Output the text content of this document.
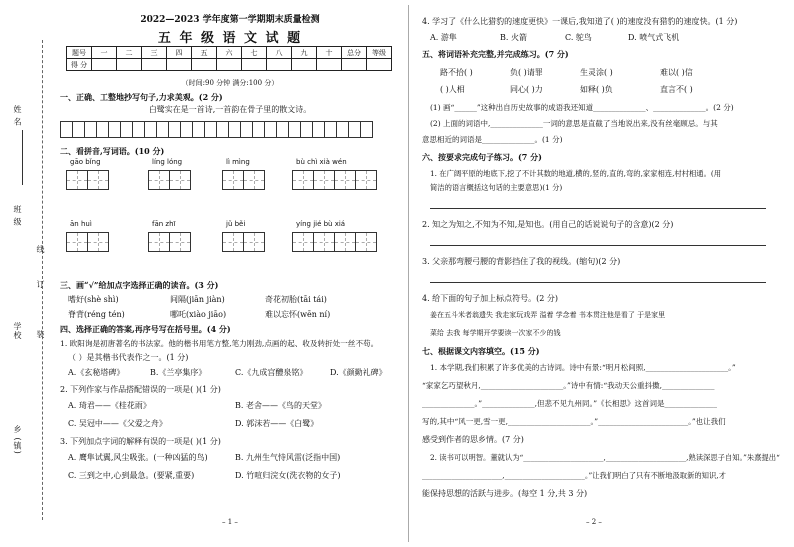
姓 名
班 级
学校
乡 (镇)
线
订
装
2022—2023 学年度第一学期期末质量检测
五 年 级 语 文 试 题
题号	一	二	三	四	五	六	七	八	九	十	总分	等级
得 分												
（时间:90 分钟 满分:100 分）
一、正确、工整地抄写句子,力求美观。(2 分)
白鹭实在是一首诗,一首韵在骨子里的散文诗。
二、看拼音,写词语。(10 分)
gāo bǐng	líng lóng	lì mìng	bù chì xià wén
ān huì	fān zhī	jǔ běi	yíng jié bù xiá
三、画“√”给加点字选择正确的读音。(3 分)
嗜好(shè shì)	间隔(jiān jiàn)	奇花初胎(tāi tái)
脊背(réng tén)	哪吒(xiào jiāo)	难以忘怀(wēn ní)
四、选择正确的答案,再序号写在括号里。(4 分)
1. 欧阳询是初唐著名的书法家。他的楷书用笔方整,笔力刚劲,点画的起、收及转折处一丝不苟。
（ ）是其楷书代表作之一。(1 分)
A.《玄秘塔碑》	B.《兰亭集序》	C.《九成宫醴泉铭》	D.《颜勤礼碑》
2. 下列作家与作品搭配错误的一项是( )(1 分)
A. 琦君——《桂花雨》	B. 老舍——《鸟的天堂》
C. 吴冠中——《父爱之舟》	D. 郭沫若——《白鹭》
3. 下列加点字词的解释有误的一项是( )(1 分)
A. 鹰隼试翼,风尘吸张。(一种凶猛的鸟)	B. 九州生气恃风雷(泛指中国)
C. 三到之中,心到最急。(要紧,重要)	D. 竹喧归浣女(洗衣物的女子)
– 1 –
4. 学习了《什么比猎豹的速度更快》一课后,我知道了( )的速度没有猎豹的速度快。(1 分)
A. 游隼	B. 火箭	C. 鸵鸟	D. 喷气式飞机
五、将词语补充完整,并完成练习。(7 分)
路不拾( )	负( )请罪	生灵涂( )	难以( )信
( )人相	同心( )力	如释( )负	直言不( )
(1) 画“______”这种出自历史故事的成语我还知道______________、______________。(2 分)
(2) 上面的词语中,______________一词的意思是直截了当地说出来,没有丝毫顾忌。与其
意思相近的词语是______________。(1 分)
六、按要求完成句子练习。(7 分)
1. 在广阔平原的地底下,挖了不计其数的地道,横的,竖的,直的,弯的,家家相连,村村相通。(用
简洁的语言概括这句话的主要意思)(1 分)
2. 知之为知之,不知为不知,是知也。(用自己的话说说句子的含意)(2 分)
3. 父亲那弯腰弓腰的背影挡住了我的视线。(缩句)(2 分)
4. 给下面的句子加上标点符号。(2 分)
姜在五斗米者翁遗失 我走家玩戏弄 溢着 学念着 书本贯注他是看了 于是家里
菜给 去我 每学期开学要读一次家不少的钱
七、根据课文内容填空。(15 分)
1. 本学期,我们积累了许多优美的古诗词。诗中有景:“明月松间照,______________________。”
“家家乞巧望秋月,______________________。”诗中有情:“我动天公重抖擞,______________
______________。”______________,但悲不见九州同。”《长相思》这首词是______________
写的,其中“风一更,雪一更,______________________。”________________________。”也让我们
感受到作者的思乡情。(7 分)
2. 读书可以明智。董就认为“______________________,______________________,熟读深思子自知。”朱熹提出“
______________________,______________________。”让我们明白了只有不断地汲取新的知识,才
能保持思想的活跃与进步。(每空 1 分,共 3 分)
– 2 –
